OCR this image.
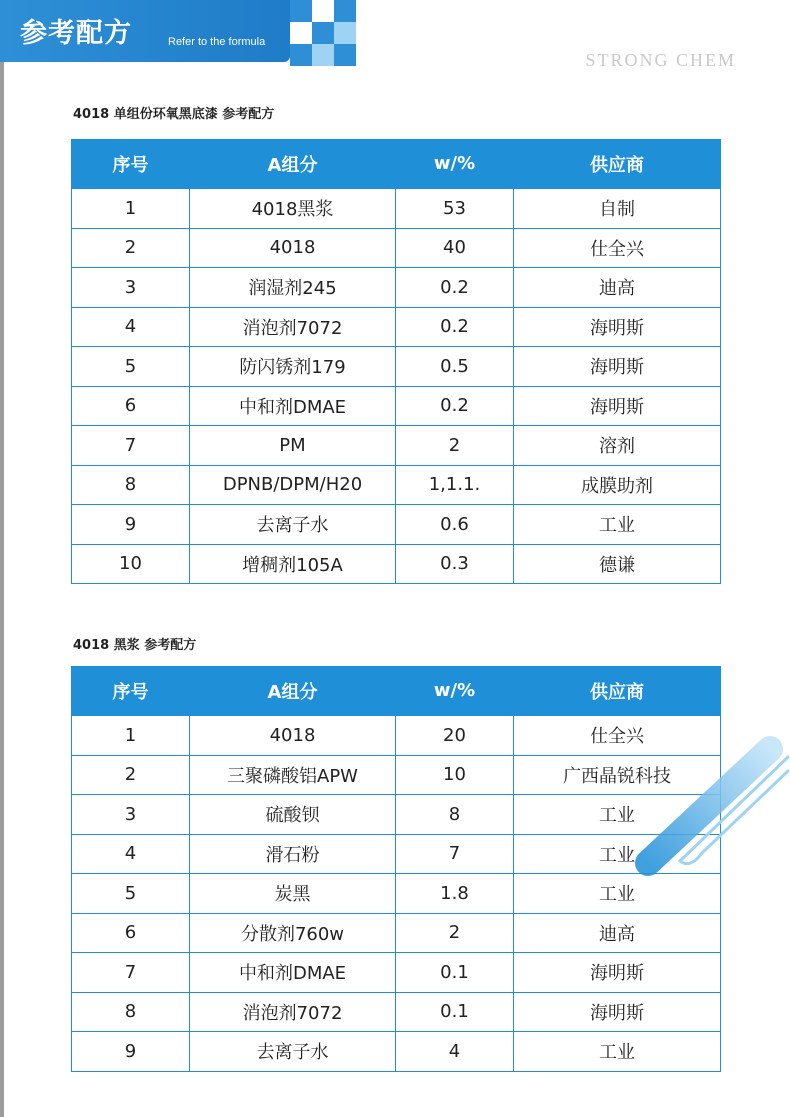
参考配方	Refer to the formula
STRONG CHEM
4018 单组份环氧黑底漆 参考配方
序号	A组分	w/%	供应商
1	4018黑浆	53	自制
2	4018	40	仕全兴
3	润湿剂245	0.2	迪高
4	消泡剂7072	0.2	海明斯
5	防闪锈剂179	0.5	海明斯
6	中和剂DMAE	0.2	海明斯
7	PM	2	溶剂
8	DPNB/DPM/H20	1,1.1.	成膜助剂
9	去离子水	0.6	工业
10	增稠剂105A	0.3	德谦
4018 黑浆 参考配方
序号	A组分	w/%	供应商
1	4018	20	仕全兴
2	三聚磷酸铝APW	10	广西晶锐科技
3	硫酸钡	8	工业
4	滑石粉	7	工业
5	炭黑	1.8	工业
6	分散剂760w	2	迪高
7	中和剂DMAE	0.1	海明斯
8	消泡剂7072	0.1	海明斯
9	去离子水	4	工业
